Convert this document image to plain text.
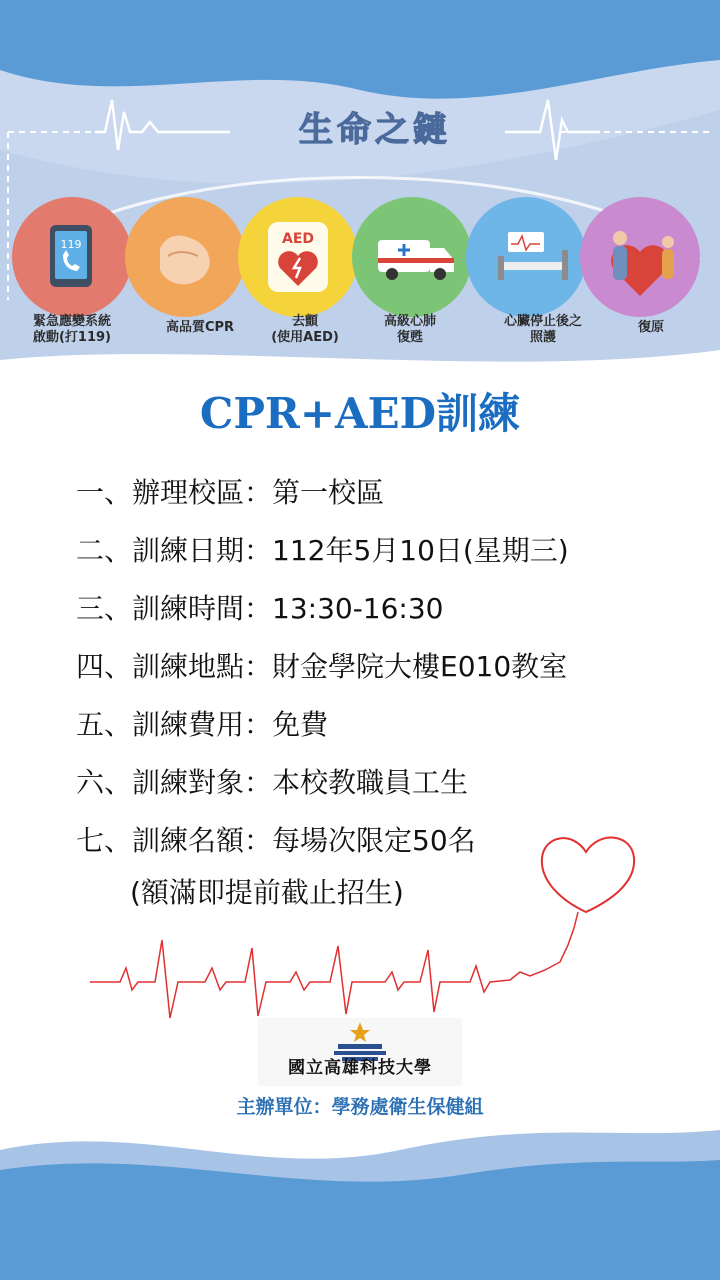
119	AED
生命之鏈
緊急應變系統
啟動(打119)
高品質CPR	去顫
(使用AED)
高級心肺
復甦
心臟停止後之
照護
復原
CPR+AED訓練
一、辦理校區：第一校區
二、訓練日期：112年5月10日(星期三)
三、訓練時間：13:30-16:30
四、訓練地點：財金學院大樓E010教室
五、訓練費用：免費
六、訓練對象：本校教職員工生
七、訓練名額：每場次限定50名
(額滿即提前截止招生)
國立高雄科技大學
主辦單位：學務處衛生保健組
